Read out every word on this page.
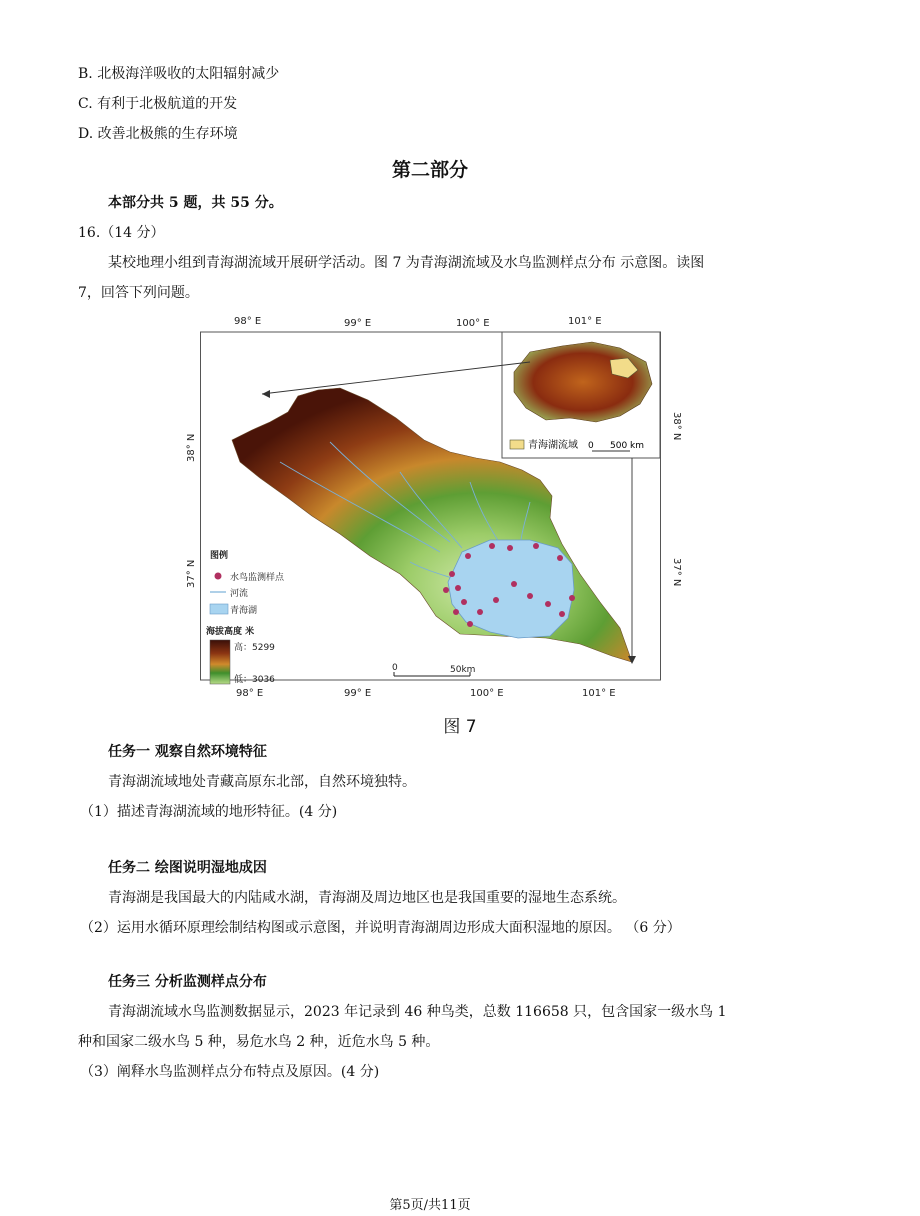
B. 北极海洋吸收的太阳辐射减少
C. 有利于北极航道的开发
D. 改善北极熊的生存环境
第二部分
本部分共 5 题，共 55 分。
16.（14 分）
某校地理小组到青海湖流域开展研学活动。图 7 为青海湖流域及水鸟监测样点分布 示意图。读图
7，回答下列问题。
青海湖流域 0 500 km
98° E	99° E	100° E	101° E
98° E	99° E	100° E	101° E
38° N
37° N
38° N
37° N
图例
水鸟监测样点
河流
青海湖
海拔高度 米
高：5299
低：3036
0	50km
图 7
任务一 观察自然环境特征
青海湖流域地处青藏高原东北部，自然环境独特。
（1）描述青海湖流域的地形特征。(4 分)
任务二 绘图说明湿地成因
青海湖是我国最大的内陆咸水湖，青海湖及周边地区也是我国重要的湿地生态系统。
（2）运用水循环原理绘制结构图或示意图，并说明青海湖周边形成大面积湿地的原因。 （6 分）
任务三 分析监测样点分布
青海湖流域水鸟监测数据显示，2023 年记录到 46 种鸟类，总数 116658 只，包含国家一级水鸟 1
种和国家二级水鸟 5 种，易危水鸟 2 种，近危水鸟 5 种。
（3）阐释水鸟监测样点分布特点及原因。(4 分)
第5页/共11页
